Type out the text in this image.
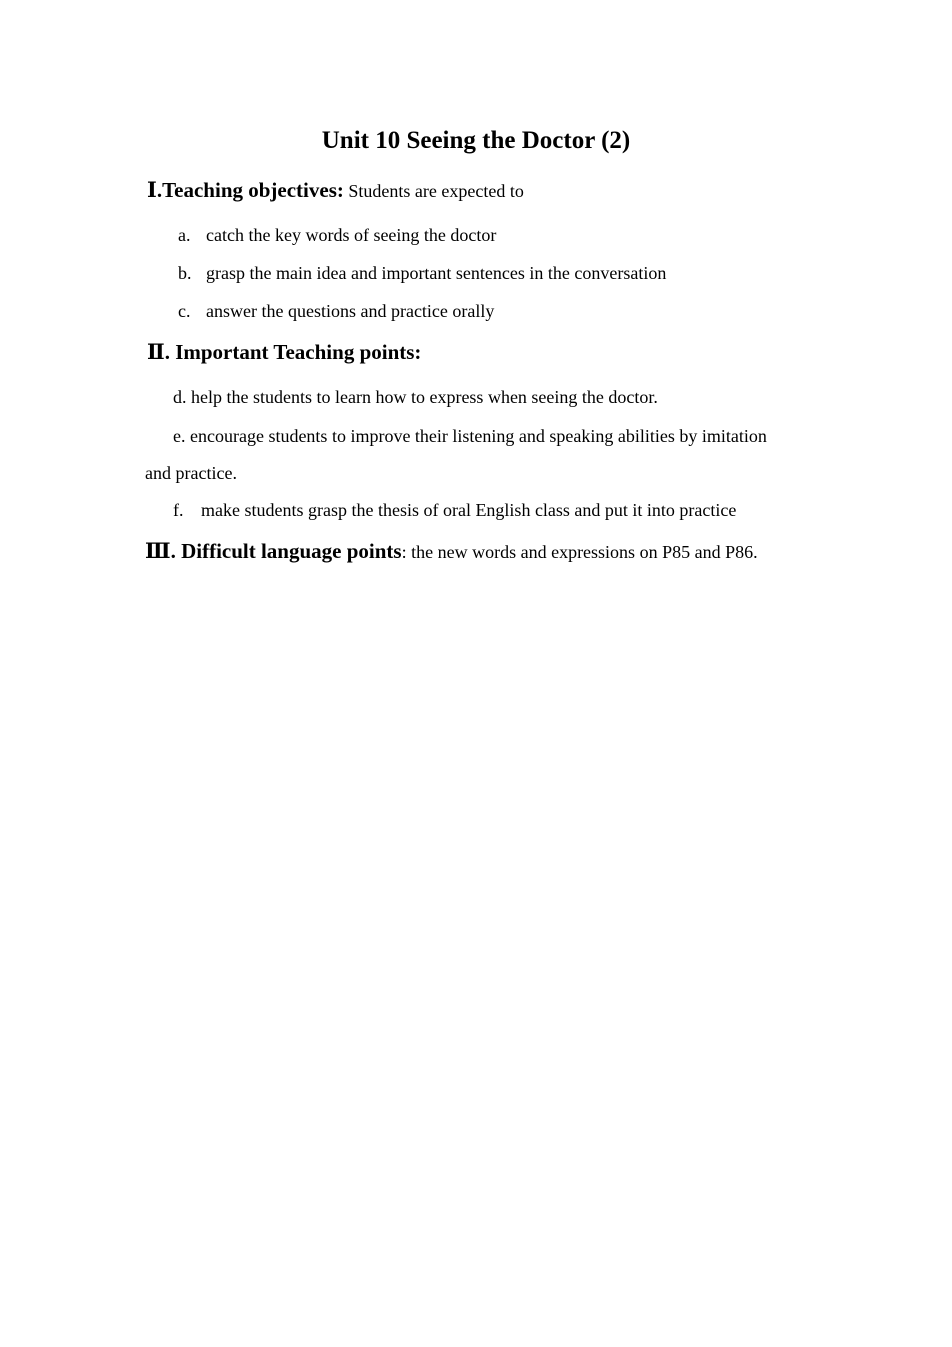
Unit 10 Seeing the Doctor (2)
Ⅰ.Teaching objectives: Students are expected to
a. catch the key words of seeing the doctor
b. grasp the main idea and important sentences in the conversation
c. answer the questions and practice orally
Ⅱ. Important Teaching points:
d. help the students to learn how to express when seeing the doctor.
e. encourage students to improve their listening and speaking abilities by imitation
and practice.
f. make students grasp the thesis of oral English class and put it into practice
Ⅲ. Difficult language points: the new words and expressions on P85 and P86.
